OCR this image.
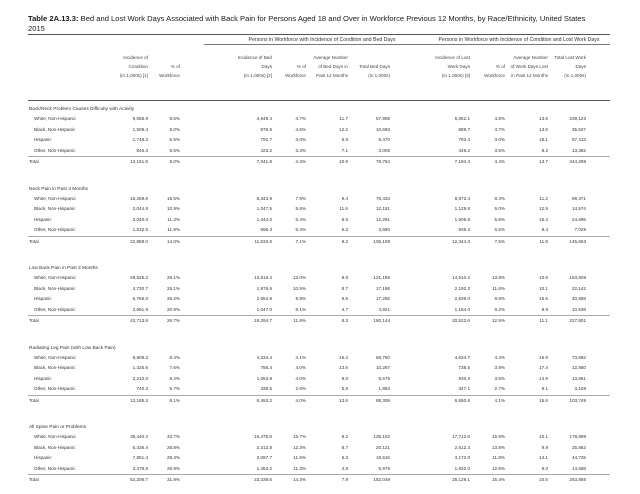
Table 2A.13.3: Bed and Lost Work Days Associated with Back Pain for Persons Aged 18 and Over in Workforce Previous 12 Months, by Race/Ethnicity, United States
2015
Persons in Workforce with Incidence of Condition and Bed Days	Persons in Workforce with Incidence of Condition and Lost Work Days
Incidence of
Condition
(in 1,000s) [1]
% of
Workforce
Incidence of Bed
Days
(in 1,000s) [2]
% of
Workforce
Average Number
of Bed Days in
Past 12 Months
Total Bed Days
(in 1,000s)
Incidence of Lost
Work Days
(in 1,000s) [3]
% of
Workforce
Average Number
of Work Days Lost
in Past 12 Months
Total Lost Work
Days
(in 1,000s)
Back/Neck Problem Causes Difficulty with Activity
White, Non-Hispanic	9,058.9	8.6%	4,949.4	4.7%	11.7	57,908	5,062.1	4.8%	13.5	239,123
Black, Non-Hispanic	1,509.4	8.0%	876.5	4.6%	12.2	10,693	889.7	4.7%	13.6	35,527
Hispanic	1,748.3	6.5%	792.7	3.0%	6.9	5,470	793.4	3.0%	18.1	57,413
Other, Non-Hispanic	845.3	6.5%	423.2	3.3%	7.1	3,005	449.2	3.5%	8.2	13,382
Total	13,161.8	8.0%	7,041.8	4.3%	10.9	76,754	7,194.4	4.4%	13.7	344,289
Neck Pain in Past 3 Months
White, Non-Hispanic	16,269.8	15.5%	8,343.9	7.9%	9.4	78,433	8,872.4	8.4%	11.2	99,371
Black, Non-Hispanic	2,044.8	10.9%	1,047.5	5.6%	11.6	12,151	1,129.8	6.0%	12.9	14,574
Hispanic	3,040.0	11.3%	1,444.0	5.4%	8.5	12,291	1,505.8	5.6%	16.4	24,695
Other, Non-Hispanic	1,532.5	11.9%	696.3	5.4%	5.3	3,690	836.3	6.5%	8.4	7,025
Total	22,889.0	14.0%	11,533.6	7.1%	9.2	106,109	12,344.3	7.5%	11.8	145,663
Low Back Pain in Past 3 Months
White, Non-Hispanic	29,525.3	28.1%	13,616.3	13.0%	8.8	121,185	14,510.3	13.8%	10.6	153,809
Black, Non-Hispanic	4,730.7	25.1%	1,976.6	10.5%	8.7	17,196	2,192.3	11.6%	10.1	22,142
Hispanic	6,766.0	25.2%	2,654.8	9.9%	6.5	17,256	2,636.0	9.8%	15.5	40,858
Other, Non-Hispanic	2,691.9	20.9%	1,047.0	8.1%	4.7	4,921	1,184.0	9.2%	8.9	10,538
Total	43,713.8	26.7%	19,294.7	11.8%	8.3	160,144	20,522.6	12.5%	11.1	227,801
Radiating Leg Pain (with Low Back Pain)
White, Non-Hispanic	8,809.3	8.4%	4,334.4	4.1%	15.4	66,750	4,634.7	4.4%	15.9	73,692
Black, Non-Hispanic	1,425.6	7.6%	756.4	4.0%	13.6	10,287	738.5	3.9%	17.4	12,850
Hispanic	2,210.0	8.2%	1,063.9	4.0%	9.0	9,575	930.3	3.5%	14.9	13,861
Other, Non-Hispanic	740.3	5.7%	338.5	2.6%	5.5	1,862	347.1	2.7%	9.1	3,159
Total	13,185.3	8.1%	6,493.2	4.0%	13.6	88,308	6,650.6	4.1%	15.6	103,749
All Spine Pain or Problems
White, Non-Hispanic	35,440.4	33.7%	16,475.8	15.7%	8.2	135,102	17,712.8	16.9%	10.1	178,899
Black, Non-Hispanic	5,436.4	28.8%	2,312.8	12.3%	8.7	20,121	2,612.3	13.8%	9.9	25,862
Hispanic	7,851.4	29.3%	3,097.7	11.5%	6.3	19,516	3,172.0	11.8%	14.1	44,725
Other, Non-Hispanic	3,478.5	26.9%	1,453.2	11.3%	4.8	6,975	1,632.0	12.6%	9.0	14,688
Total	52,206.7	31.9%	23,339.6	14.3%	7.8	182,049	25,129.1	15.4%	10.5	263,856
